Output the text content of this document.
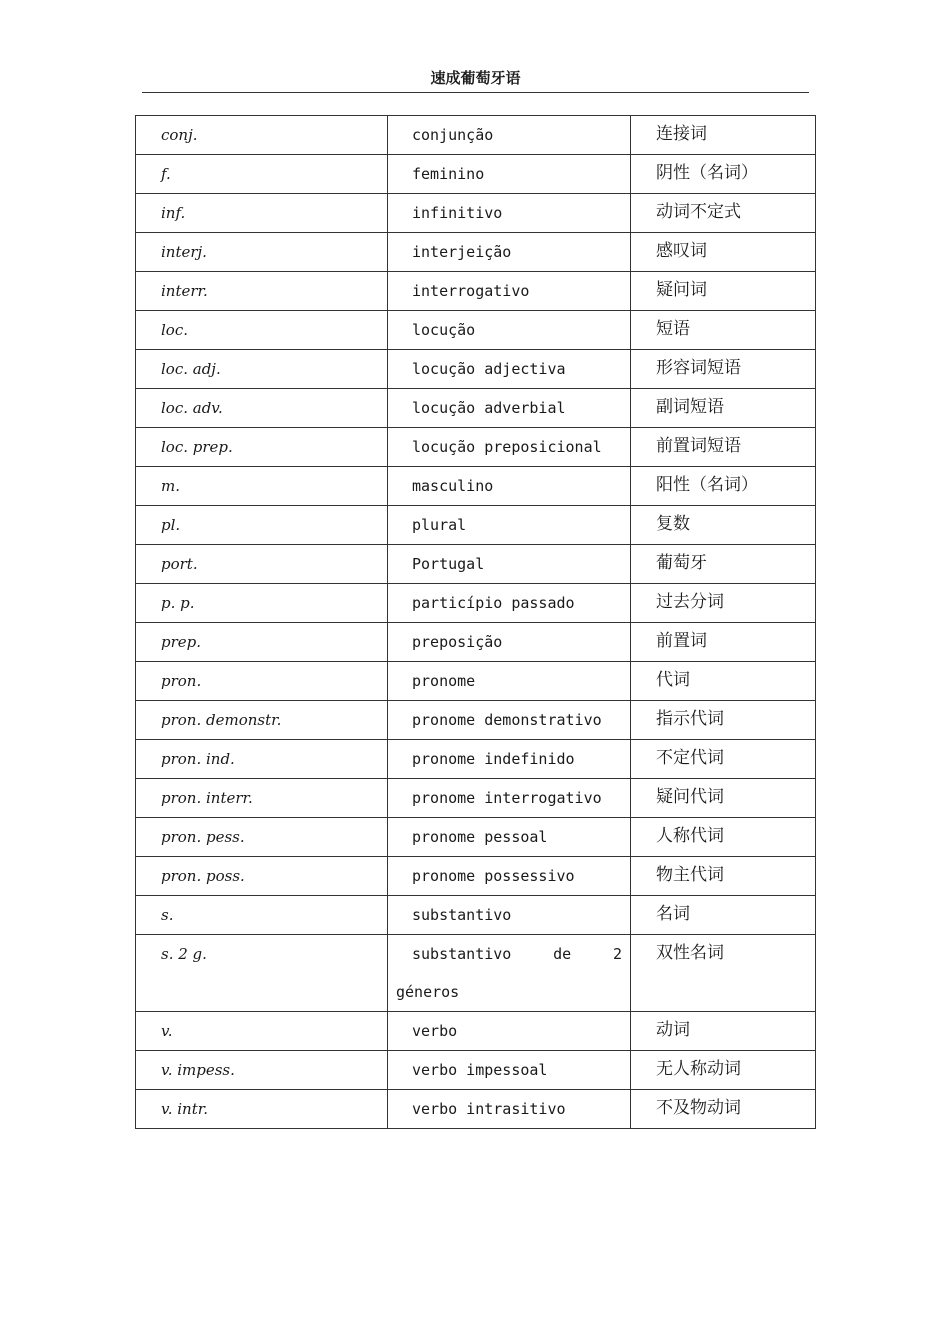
速成葡萄牙语
conj.	conjunção	连接词

f.	feminino	阴性（名词）

inf.	infinitivo	动词不定式

interj.	interjeição	感叹词

interr.	interrogativo	疑问词

loc.	locução	短语

loc. adj.	locução adjectiva	形容词短语

loc. adv.	locução adverbial	副词短语

loc. prep.	locução preposicional	前置词短语

m.	masculino	阳性（名词）

pl.	plural	复数

port.	Portugal	葡萄牙

p. p.	particípio passado	过去分词

prep.	preposição	前置词

pron.	pronome	代词

pron. demonstr.	pronome demonstrativo	指示代词

pron. ind.	pronome indefinido	不定代词

pron. interr.	pronome interrogativo	疑问代词

pron. pess.	pronome pessoal	人称代词

pron. poss.	pronome possessivo	物主代词

s.	substantivo	名词

s. 2 g.	substantivo de 2 géneros	双性名词

v.	verbo	动词

v. impess.	verbo impessoal	无人称动词

v. intr.	verbo intrasitivo	不及物动词
